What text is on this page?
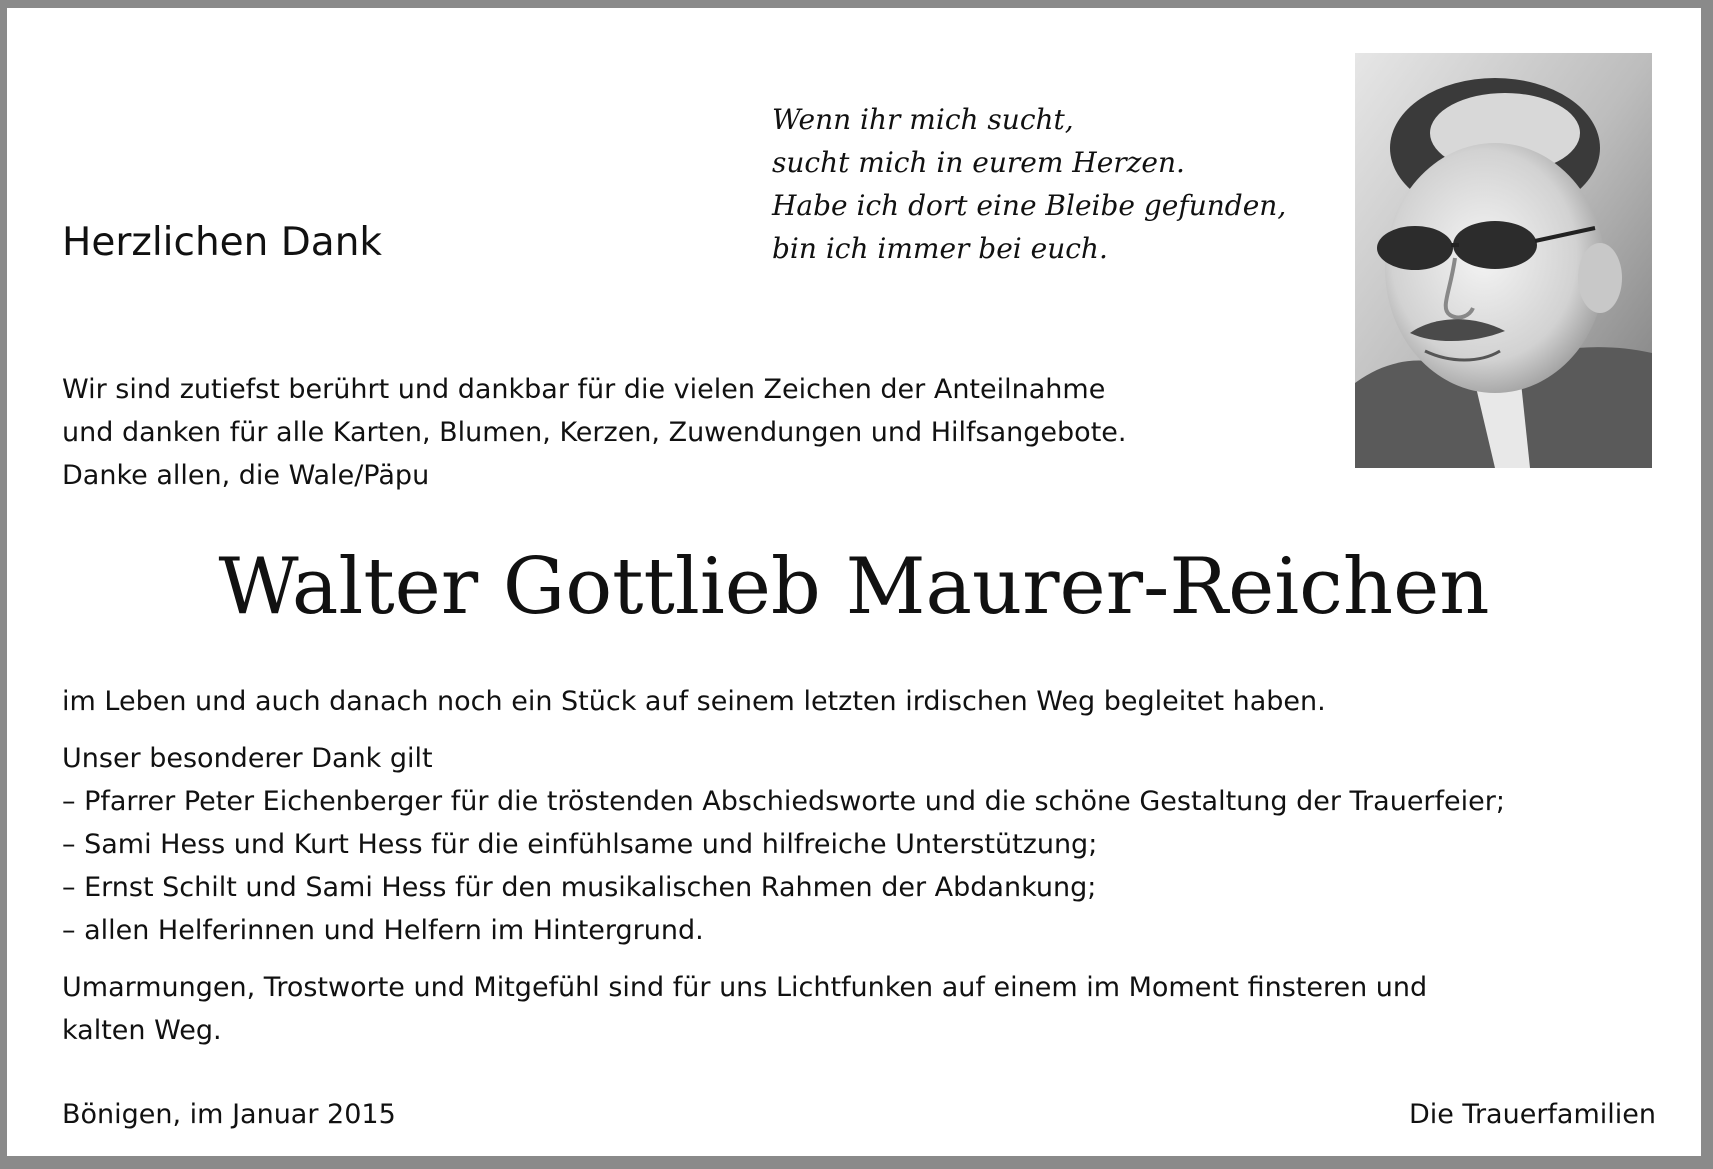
Herzlichen Dank
Wenn ihr mich sucht,
sucht mich in eurem Herzen.
Habe ich dort eine Bleibe gefunden,
bin ich immer bei euch.
Wir sind zutiefst berührt und dankbar für die vielen Zeichen der Anteilnahme
und danken für alle Karten, Blumen, Kerzen, Zuwendungen und Hilfsangebote.
Danke allen, die Wale/Päpu
Walter Gottlieb Maurer-Reichen
im Leben und auch danach noch ein Stück auf seinem letzten irdischen Weg begleitet haben.
Unser besonderer Dank gilt
– Pfarrer Peter Eichenberger für die tröstenden Abschiedsworte und die schöne Gestaltung der Trauerfeier;
– Sami Hess und Kurt Hess für die einfühlsame und hilfreiche Unterstützung;
– Ernst Schilt und Sami Hess für den musikalischen Rahmen der Abdankung;
– allen Helferinnen und Helfern im Hintergrund.
Umarmungen, Trostworte und Mitgefühl sind für uns Lichtfunken auf einem im Moment finsteren und
kalten Weg.
Bönigen, im Januar 2015	Die Trauerfamilien
